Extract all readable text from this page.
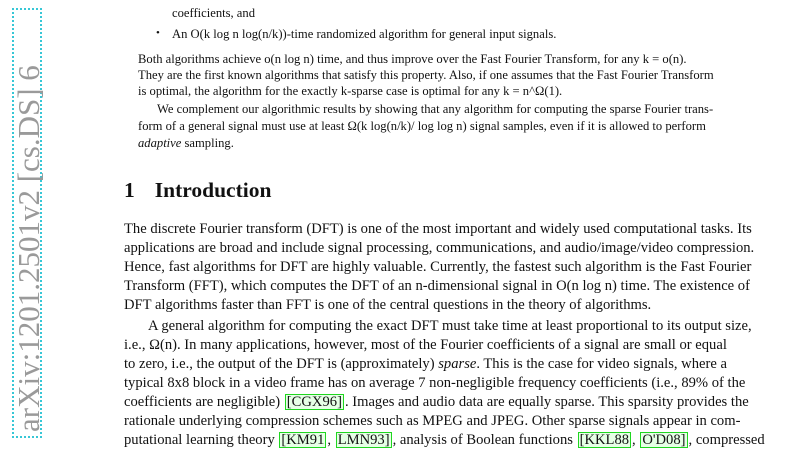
arXiv:1201.2501v2 [cs.DS] 6
coefficients, and
• An O(k log n log(n/k))-time randomized algorithm for general input signals.
Both algorithms achieve o(n log n) time, and thus improve over the Fast Fourier Transform, for any k = o(n).
They are the first known algorithms that satisfy this property. Also, if one assumes that the Fast Fourier Transform
is optimal, the algorithm for the exactly k-sparse case is optimal for any k = n^Ω(1).
We complement our algorithmic results by showing that any algorithm for computing the sparse Fourier trans-
form of a general signal must use at least Ω(k log(n/k)/ log log n) signal samples, even if it is allowed to perform
adaptive sampling.
1 Introduction
The discrete Fourier transform (DFT) is one of the most important and widely used computational tasks. Its
applications are broad and include signal processing, communications, and audio/image/video compression.
Hence, fast algorithms for DFT are highly valuable. Currently, the fastest such algorithm is the Fast Fourier
Transform (FFT), which computes the DFT of an n-dimensional signal in O(n log n) time. The existence of
DFT algorithms faster than FFT is one of the central questions in the theory of algorithms.
A general algorithm for computing the exact DFT must take time at least proportional to its output size,
i.e., Ω(n). In many applications, however, most of the Fourier coefficients of a signal are small or equal
to zero, i.e., the output of the DFT is (approximately) sparse. This is the case for video signals, where a
typical 8x8 block in a video frame has on average 7 non-negligible frequency coefficients (i.e., 89% of the
coefficients are negligible) [CGX96] . Images and audio data are equally sparse. This sparsity provides the
rationale underlying compression schemes such as MPEG and JPEG. Other sparse signals appear in com-
putational learning theory [KM91 , LMN93] , analysis of Boolean functions [KKL88 , O'D08] , compressed
